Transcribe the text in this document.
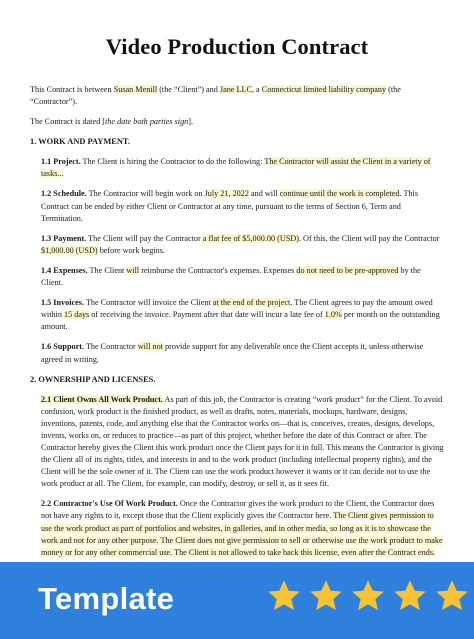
Video Production Contract

This Contract is between Susan Menill (the “Client”) and Jane LLC, a Connecticut limited liability company (the “Contractor”).

The Contract is dated [the date both parties sign].

1. WORK AND PAYMENT.

1.1 Project. The Client is hiring the Contractor to do the following: The Contractor will assist the Client in a variety of tasks...

1.2 Schedule. The Contractor will begin work on July 21, 2022 and will continue until the work is completed. This Contract can be ended by either Client or Contractor at any time, pursuant to the terms of Section 6, Term and Termination.

1.3 Payment. The Client will pay the Contractor a flat fee of $5,000.00 (USD). Of this, the Client will pay the Contractor $1,000.00 (USD) before work begins.

1.4 Expenses. The Client will reimburse the Contractor's expenses. Expenses do not need to be pre-approved by the Client.

1.5 Invoices. The Contractor will invoice the Client at the end of the project. The Client agrees to pay the amount owed within 15 days of receiving the invoice. Payment after that date will incur a late fee of 1.0% per month on the outstanding amount.

1.6 Support. The Contractor will not provide support for any deliverable once the Client accepts it, unless otherwise agreed in writing.

2. OWNERSHIP AND LICENSES.

2.1 Client Owns All Work Product. As part of this job, the Contractor is creating “work product” for the Client. To avoid confusion, work product is the finished product, as well as drafts, notes, materials, mockups, hardware, designs, inventions, patents, code, and anything else that the Contractor works on—that is, conceives, creates, designs, develops, invents, works on, or reduces to practice—as part of this project, whether before the date of this Contract or after. The Contractor hereby gives the Client this work product once the Client pays for it in full. This means the Contractor is giving the Client all of its rights, titles, and interests in and to the work product (including intellectual property rights), and the Client will be the sole owner of it. The Client can use the work product however it wants or it can decide not to use the work product at all. The Client, for example, can modify, destroy, or sell it, as it sees fit.

2.2 Contractor's Use Of Work Product. Once the Contractor gives the work product to the Client, the Contractor does not have any rights to it, except those that the Client explicitly gives the Contractor here. The Client gives permission to use the work product as part of portfolios and websites, in galleries, and in other media, so long as it is to showcase the work and not for any other purpose. The Client does not give permission to sell or otherwise use the work product to make money or for any other commercial use. The Client is not allowed to take back this license, even after the Contract ends.

Template
